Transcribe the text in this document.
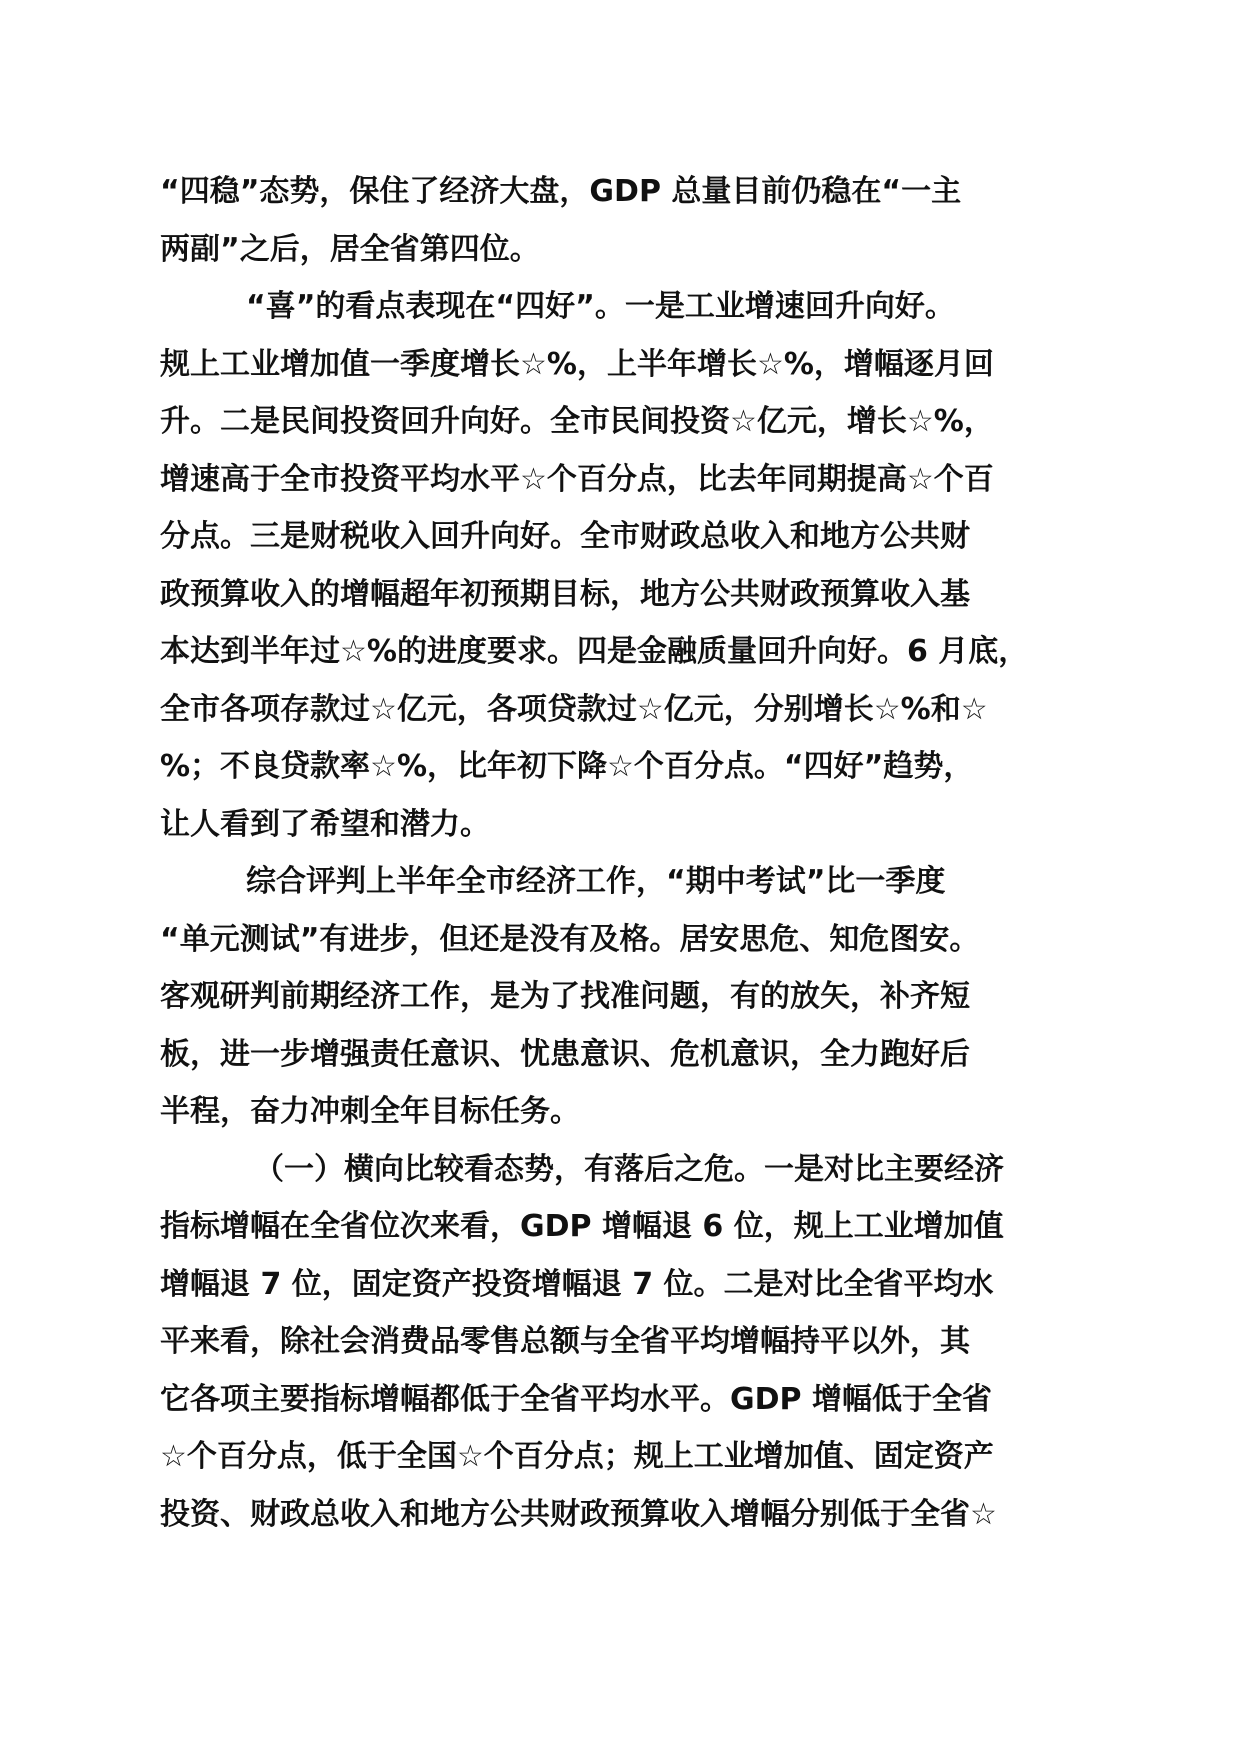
“四稳”态势，保住了经济大盘，GDP 总量目前仍稳在“一主
两副”之后，居全省第四位。
“喜”的看点表现在“四好”。一是工业增速回升向好。
规上工业增加值一季度增长☆%，上半年增长☆%，增幅逐月回
升。二是民间投资回升向好。全市民间投资☆亿元，增长☆%，
增速高于全市投资平均水平☆个百分点，比去年同期提高☆个百
分点。三是财税收入回升向好。全市财政总收入和地方公共财
政预算收入的增幅超年初预期目标，地方公共财政预算收入基
本达到半年过☆%的进度要求。四是金融质量回升向好。6 月底，
全市各项存款过☆亿元，各项贷款过☆亿元，分别增长☆%和☆
%；不良贷款率☆%，比年初下降☆个百分点。“四好”趋势，
让人看到了希望和潜力。
综合评判上半年全市经济工作，“期中考试”比一季度
“单元测试”有进步，但还是没有及格。居安思危、知危图安。
客观研判前期经济工作，是为了找准问题，有的放矢，补齐短
板，进一步增强责任意识、忧患意识、危机意识，全力跑好后
半程，奋力冲刺全年目标任务。
（一）横向比较看态势，有落后之危。一是对比主要经济
指标增幅在全省位次来看，GDP 增幅退 6 位，规上工业增加值
增幅退 7 位，固定资产投资增幅退 7 位。二是对比全省平均水
平来看，除社会消费品零售总额与全省平均增幅持平以外，其
它各项主要指标增幅都低于全省平均水平。GDP 增幅低于全省
☆个百分点，低于全国☆个百分点；规上工业增加值、固定资产
投资、财政总收入和地方公共财政预算收入增幅分别低于全省☆
